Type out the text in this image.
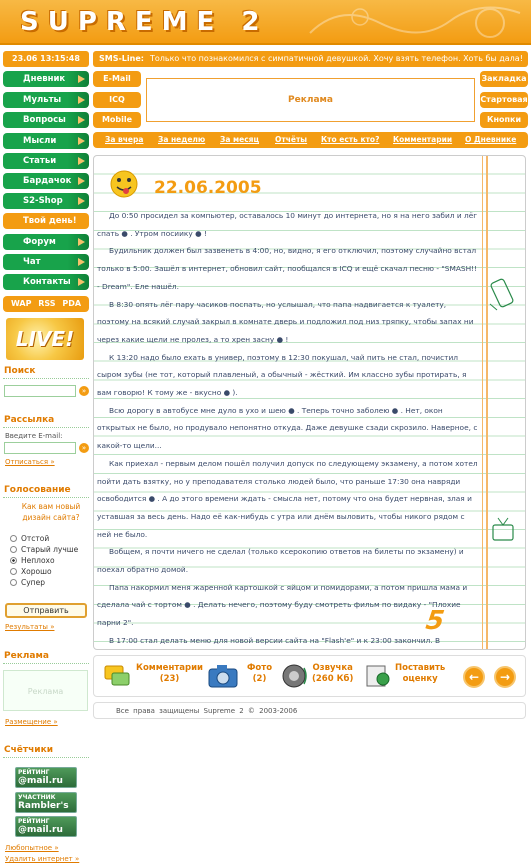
SUPREME 2
23.06 13:15:48	SMS-Line: Только что познакомился с симпатичной девушкой. Хочу взять телефон. Хоть бы дала!
Дневник
Мульты
Вопросы
Мысли
Статьи
Бардачок
S2-Shop
Твой день!
Форум
Чат
Контакты
WAP RSS PDA
LIVE!
Поиск
»
Рассылка
Введите E-mail:
»
Отписаться »
Голосование
Как вам новый дизайн сайта?
Отстой
Старый лучше
Неплохо
Хорошо
Супер
Отправить
Результаты »
Реклама
Реклама
Размещение »
Счётчики
РЕЙТИНГ
@mail.ru
УЧАСТНИК
Rambler's
РЕЙТИНГ
@mail.ru
Любопытное »
Удалить интернет »
E-Mail
ICQ
Mobile
Реклама
Закладка
Стартовая
Кнопки
За вчера За неделю За месяц Отчёты Кто есть кто? Комментарии О Дневнике
22.06.2005

До 0:50 просидел за компьютер, оставалось 10 минут до интернета, но я на него забил и лёг спать ● . Утром посиику ● !

Будильник должен был зазвенеть в 4:00, но, видно, я его отключил, поэтому случайно встал только в 5:00. Зашёл в интернет, обновил сайт, пообщался в ICQ и ещё скачал песню - "SMASH!! - Dream". Еле нашёл.

В 8:30 опять лёг пару часиков поспать, но услышал, что папа надвигается к туалету, поэтому на всякий случай закрыл в комнате дверь и подложил под низ тряпку, чтобы запах ни через какие щели не пролез, а то хрен засну ● !

К 13:20 надо было ехать в универ, поэтому в 12:30 покушал, чай пить не стал, почистил сыром зубы (не тот, который плавленый, а обычный - жёсткий. Им классно зубы протирать, я вам говорю! К тому же - вкусно ● ).

Всю дорогу в автобусе мне дуло в ухо и шею ● . Теперь точно заболею ● . Нет, окон открытых не было, но продувало непонятно откуда. Даже девушке сзади скрозило. Наверное, с какой-то щели...

Как приехал - первым делом пошёл получил допуск по следующему экзамену, а потом хотел пойти дать взятку, но у преподавателя столько людей было, что раньше 17:30 она навряди освободится ● . А до этого времени ждать - смысла нет, потому что она будет нервная, злая и уставшая за весь день. Надо её как-нибудь с утра или днём выловить, чтобы никого рядом с ней не было.

Вобщем, я почти ничего не сделал (только ксерокопию ответов на билеты по экзамену) и поехал обратно домой.

Папа накормил меня жаренной картошкой с яйцом и помидорами, а потом пришла мама и сделала чай с тортом ● . Делать нечего, поэтому буду смотреть фильм по видаку - "Плохие парни 2".

В 17:00 стал делать меню для новой версии сайта на "Flash'e" и к 23:00 закончил. В

5
Комментарии
(23)
Фото
(2)
Озвучка
(260 Кб)
Поставить
оценку	←	→
Все права защищены Supreme 2 © 2003-2006
